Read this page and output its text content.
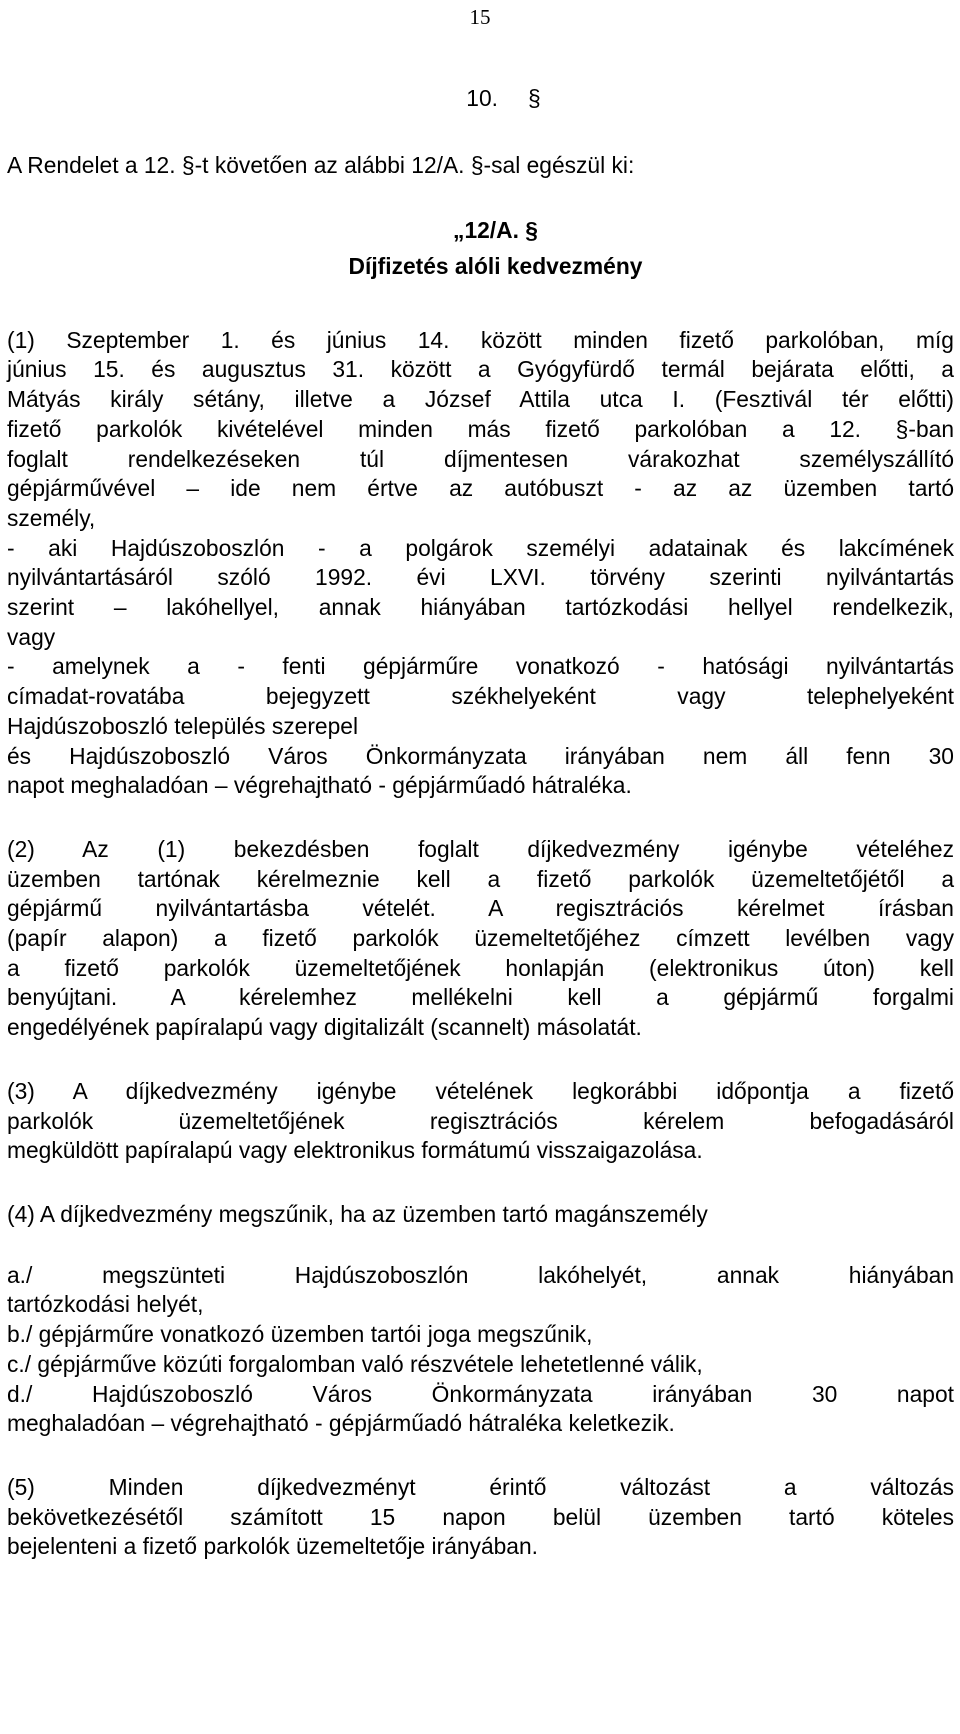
15
10. §
A Rendelet a 12. §-t követően az alábbi 12/A. §-sal egészül ki:
„12/A. §
Díjfizetés alóli kedvezmény
(1) Szeptember 1. és június 14. között minden fizető parkolóban, míg
június 15. és augusztus 31. között a Gyógyfürdő termál bejárata előtti, a
Mátyás király sétány, illetve a József Attila utca I. (Fesztivál tér előtti)
fizető parkolók kivételével minden más fizető parkolóban a 12. §-ban
foglalt rendelkezéseken túl díjmentesen várakozhat személyszállító
gépjárművével – ide nem értve az autóbuszt - az az üzemben tartó
személy,
- aki Hajdúszoboszlón - a polgárok személyi adatainak és lakcímének
nyilvántartásáról szóló 1992. évi LXVI. törvény szerinti nyilvántartás
szerint – lakóhellyel, annak hiányában tartózkodási hellyel rendelkezik,
vagy
- amelynek a - fenti gépjárműre vonatkozó - hatósági nyilvántartás
címadat-rovatába bejegyzett székhelyeként vagy telephelyeként
Hajdúszoboszló település szerepel
és Hajdúszoboszló Város Önkormányzata irányában nem áll fenn 30
napot meghaladóan – végrehajtható - gépjárműadó hátraléka.
(2) Az (1) bekezdésben foglalt díjkedvezmény igénybe vételéhez
üzemben tartónak kérelmeznie kell a fizető parkolók üzemeltetőjétől a
gépjármű nyilvántartásba vételét. A regisztrációs kérelmet írásban
(papír alapon) a fizető parkolók üzemeltetőjéhez címzett levélben vagy
a fizető parkolók üzemeltetőjének honlapján (elektronikus úton) kell
benyújtani. A kérelemhez mellékelni kell a gépjármű forgalmi
engedélyének papíralapú vagy digitalizált (scannelt) másolatát.
(3) A díjkedvezmény igénybe vételének legkorábbi időpontja a fizető
parkolók üzemeltetőjének regisztrációs kérelem befogadásáról
megküldött papíralapú vagy elektronikus formátumú visszaigazolása.
(4) A díjkedvezmény megszűnik, ha az üzemben tartó magánszemély
a./ megszünteti Hajdúszoboszlón lakóhelyét, annak hiányában
tartózkodási helyét,
b./ gépjárműre vonatkozó üzemben tartói joga megszűnik,
c./ gépjárműve közúti forgalomban való részvétele lehetetlenné válik,
d./ Hajdúszoboszló Város Önkormányzata irányában 30 napot
meghaladóan – végrehajtható - gépjárműadó hátraléka keletkezik.
(5) Minden díjkedvezményt érintő változást a változás
bekövetkezésétől számított 15 napon belül üzemben tartó köteles
bejelenteni a fizető parkolók üzemeltetője irányában.
